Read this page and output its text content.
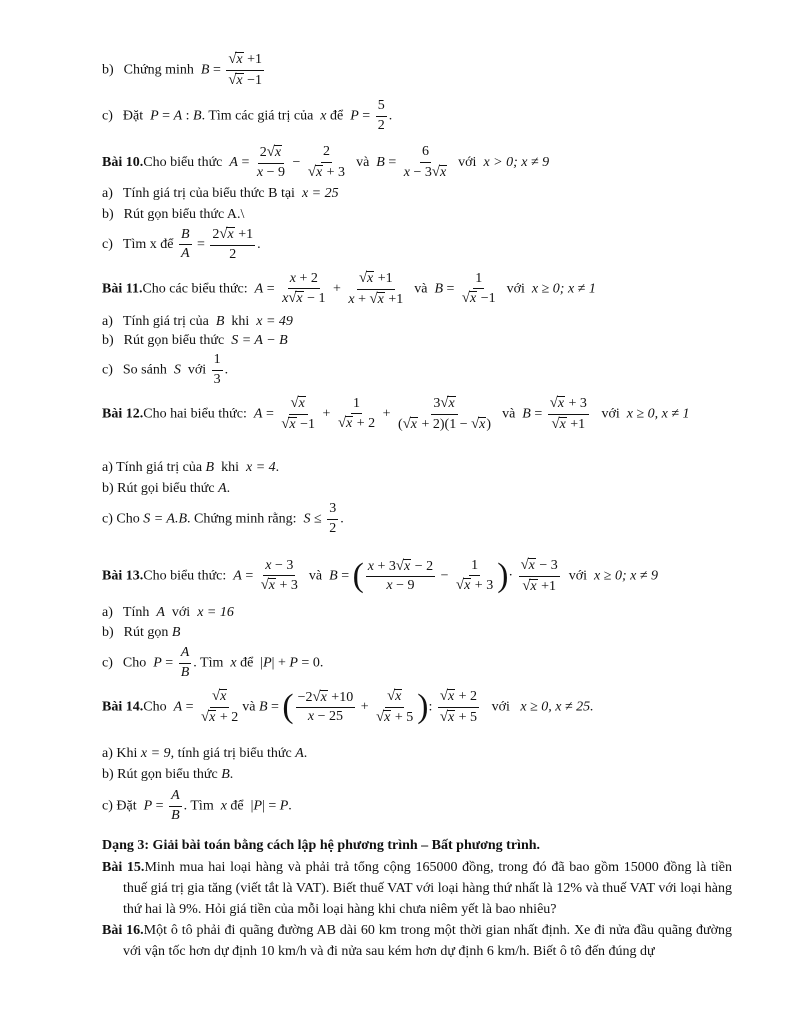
b) Chứng minh  $B = \frac{√ x +1}{√ x -1}$
c) Đặt  P = A : B. Tìm các giá trị của  x để  $P = \frac{5}{2}$ .
Bài 10.Cho biểu thức  $A = \frac{2 √ x}{x - 9} - \frac{2}{√ x + 3}$ và  $B = \frac{6}{x - 3 √ x}$ với x > 0; x ≠ 9
a) Tính giá trị của biểu thức B tại x = 25
b) Rút gọn biểu thức A.\
c) Tìm x để $\frac{B}{A} = \frac{2 √ x +1}{2}$ .
Bài 11.Cho các biểu thức:  $A = \frac{x + 2}{x √ x - 1} + \frac{√ x +1}{x + √ x +1}$ và  $B = \frac{1}{√ x -1}$ với x ≥ 0; x ≠ 1
a) Tính giá trị của  B  khi x = 49
b) Rút gọn biểu thức S = A − B
c) So sánh  S  với $\frac{1}{3}$ .
Bài 12.Cho hai biểu thức:  $A = \frac{√ x}{√ x -1} + \frac{1}{√ x + 2} + \frac{3 √ x}{( √ x + 2)(1 - √ x )}$ và  $B = \frac{√ x + 3}{√ x +1}$ với x ≥ 0, x ≠ 1
a) Tính giá trị của B  khi x = 4.
b) Rút gọi biểu thức A.
c) Cho S = A.B. Chứng minh rằng:  $S \le \frac{3}{2}$ .
Bài 13.Cho biểu thức:  $A = \frac{x - 3}{√ x + 3}$ và  B = ( $\frac{x + 3 √ x - 2}{x - 9} - \frac{1}{√ x + 3}$ )· $\frac{√ x - 3}{√ x +1}$ với x ≥ 0; x ≠ 9
a) Tính  A  với x = 16
b) Rút gọn B
c) Cho  $P = \frac{A}{B}$ . Tìm  x để  |P| + P = 0.
Bài 14.Cho  $A = \frac{√ x}{√ x + 2}$ và B = ( $\frac{-2 √ x +10}{x - 25} + \frac{√ x}{√ x + 5}$ ): $\frac{√ x + 2}{√ x + 5}$ với x ≥ 0, x ≠ 25.
a) Khi x = 9, tính giá trị biểu thức A.
b) Rút gọn biểu thức B.
c) Đặt  $P = \frac{A}{B}$ . Tìm  x để  |P| = P.
Dạng 3: Giải bài toán bằng cách lập hệ phương trình – Bất phương trình.
Bài 15.Minh mua hai loại hàng và phải trả tổng cộng 165000 đồng, trong đó đã bao gồm 15000 đồng là tiền thuế giá trị gia tăng (viết tắt là VAT). Biết thuế VAT với loại hàng thứ nhất là 12% và thuế VAT với loại hàng thứ hai là 9%. Hỏi giá tiền của mỗi loại hàng khi chưa niêm yết là bao nhiêu?
Bài 16.Một ô tô phải đi quãng đường AB dài 60 km trong một thời gian nhất định. Xe đi nửa đầu quãng đường với vận tốc hơn dự định 10 km/h và đi nửa sau kém hơn dự định 6 km/h. Biết ô tô đến đúng dự
